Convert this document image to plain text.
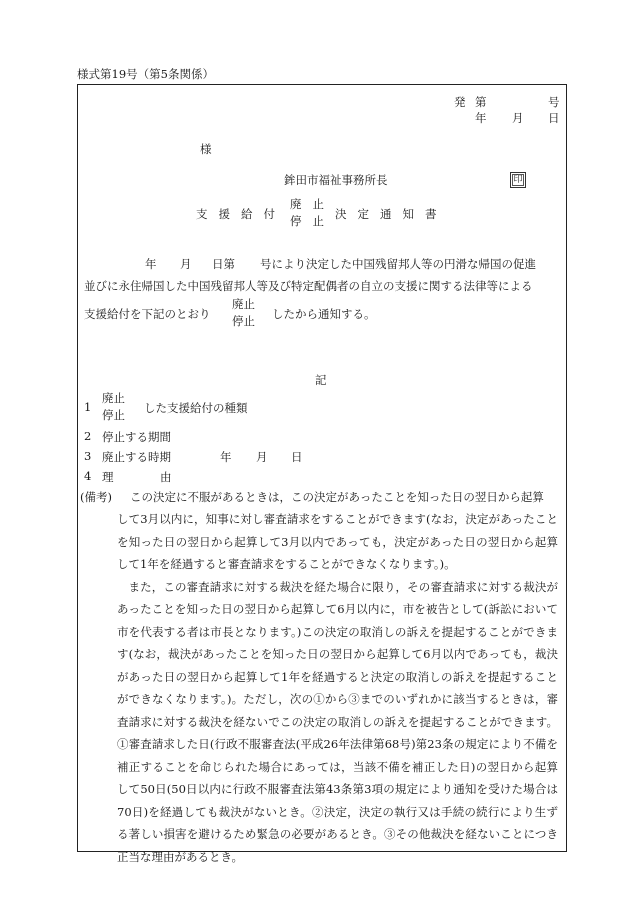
様式第19号（第5条関係）
発 第	号
年 月 日
様
鉾田市福祉事務所長	印
支援給付
廃止
停止 決定通知書
年 月 日第 号により決定した中国残留邦人等の円滑な帰国の促進
並びに永住帰国した中国残留邦人等及び特定配偶者の自立の支援に関する法律等による
支援給付を下記のとおり
廃止
停止 したから通知する。
記
1
廃止
停止 した支援給付の種類
2 停止する期間
3 廃止する時期	年 月 日
4 理	由
(備考) この決定に不服があるときは，この決定があったことを知った日の翌日から起算

して3月以内に，知事に対し審査請求をすることができます(なお，決定があったことを知った日の翌日から起算して3月以内であっても，決定があった日の翌日から起算して1年を経過すると審査請求をすることができなくなります。)。

また，この審査請求に対する裁決を経た場合に限り，その審査請求に対する裁決があったことを知った日の翌日から起算して6月以内に，市を被告として(訴訟において市を代表する者は市長となります。)この決定の取消しの訴えを提起することができます(なお，裁決があったことを知った日の翌日から起算して6月以内であっても，裁決があった日の翌日から起算して1年を経過すると決定の取消しの訴えを提起することができなくなります。)。ただし，次の①から③までのいずれかに該当するときは，審査請求に対する裁決を経ないでこの決定の取消しの訴えを提起することができます。①審査請求した日(行政不服審査法(平成26年法律第68号)第23条の規定により不備を補正することを命じられた場合にあっては，当該不備を補正した日)の翌日から起算して50日(50日以内に行政不服審査法第43条第3項の規定により通知を受けた場合は70日)を経過しても裁決がないとき。②決定，決定の執行又は手続の続行により生ずる著しい損害を避けるため緊急の必要があるとき。③その他裁決を経ないことにつき正当な理由があるとき。
